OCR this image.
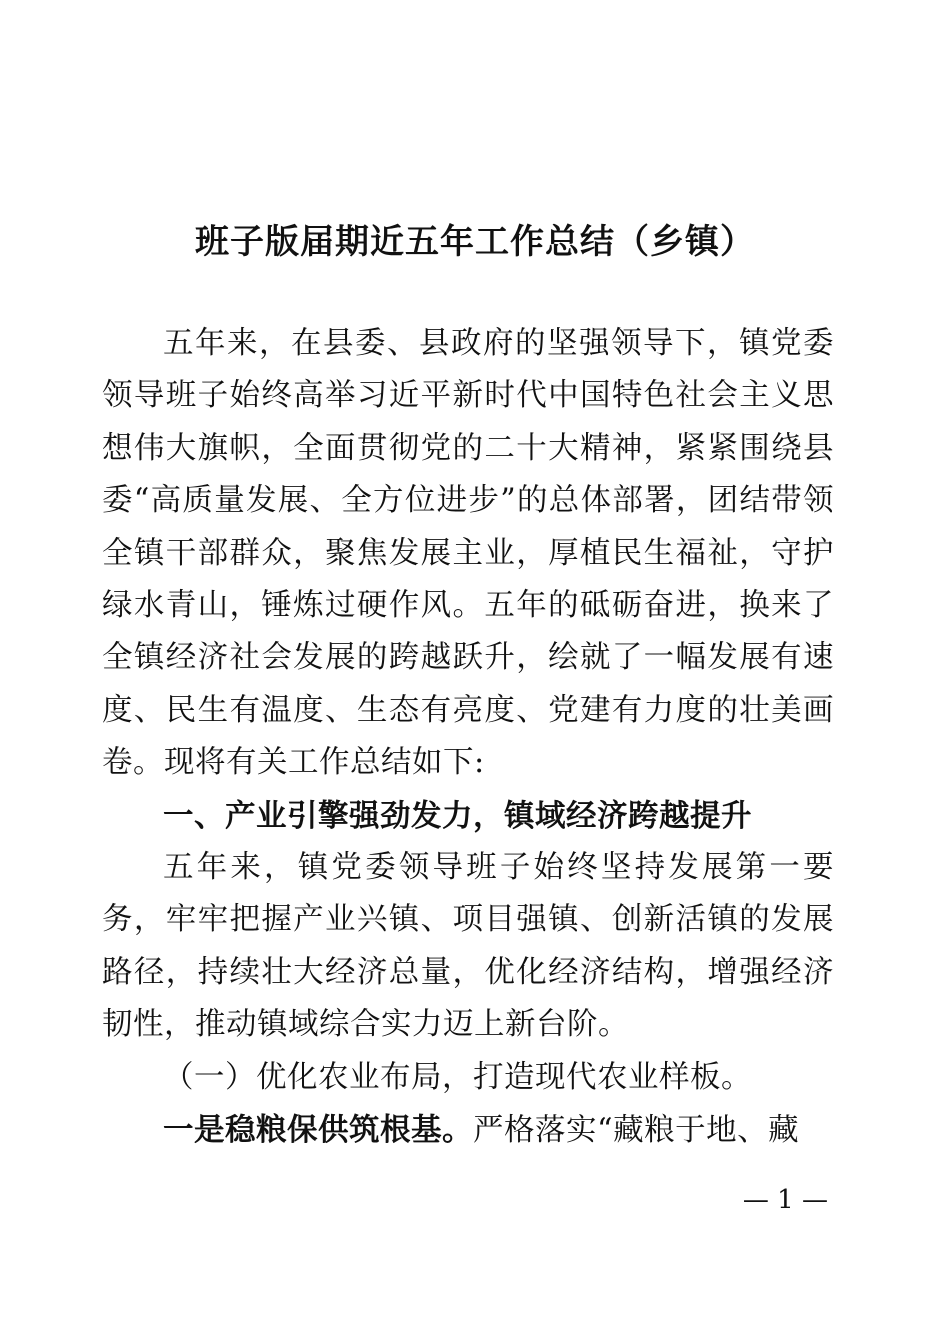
班子版届期近五年工作总结（乡镇）

五年来，在县委、县政府的坚强领导下，镇党委领导班子始终高举习近平新时代中国特色社会主义思想伟大旗帜，全面贯彻党的二十大精神，紧紧围绕县委“高质量发展、全方位进步”的总体部署，团结带领全镇干部群众，聚焦发展主业，厚植民生福祉，守护绿水青山，锤炼过硬作风。五年的砥砺奋进，换来了全镇经济社会发展的跨越跃升，绘就了一幅发展有速度、民生有温度、生态有亮度、党建有力度的壮美画卷。现将有关工作总结如下:

一、产业引擎强劲发力，镇域经济跨越提升

五年来，镇党委领导班子始终坚持发展第一要务，牢牢把握产业兴镇、项目强镇、创新活镇的发展路径，持续壮大经济总量，优化经济结构，增强经济韧性，推动镇域综合实力迈上新台阶。

（一）优化农业布局，打造现代农业样板。

一是稳粮保供筑根基。严格落实“藏粮于地、藏

— 1 —
